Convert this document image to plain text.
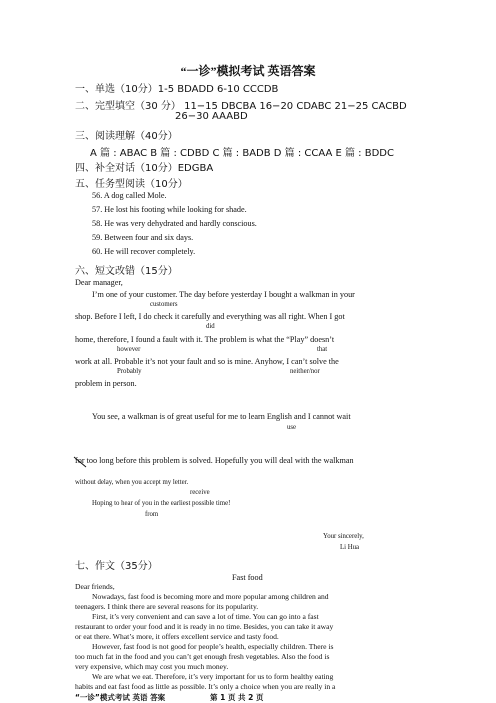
“一诊”模拟考试 英语答案
一、单选（10分）1-5 BDADD 6-10 CCCDB
二、完型填空（30 分） 11−15 DBCBA 16−20 CDABC 21−25 CACBD
26−30 AAABD
三、阅读理解（40分）
A 篇 : ABAC B 篇 : CDBD C 篇 : BADB D 篇 : CCAA E 篇 : BDDC
四、补全对话（10分）EDGBA
五、任务型阅读（10分）
56. A dog called Mole.
57. He lost his footing while looking for shade.
58. He was very dehydrated and hardly conscious.
59. Between four and six days.
60. He will recover completely.
六、短文改错（15分）
Dear manager,
I’m one of your customer. The day before yesterday I bought a walkman in your
customers
shop. Before I left, I do check it carefully and everything was all right. When I got
did
home, therefore, I found a fault with it. The problem is what the “Play” doesn’t
however	that
work at all. Probable it’s not your fault and so is mine. Anyhow, I can’t solve the
Probably	neither/nor
problem in person.
You see, a walkman is of great useful for me to learn English and I cannot wait
use
for too long before this problem is solved. Hopefully you will deal with the walkman
without delay, when you accept my letter.
receive
Hoping to hear of you in the earliest possible time!
from
Your sincerely,
Li Hua
七、作文（35分）
Fast food
Dear friends,
Nowadays, fast food is becoming more and more popular among children and
teenagers. I think there are several reasons for its popularity.
First, it’s very convenient and can save a lot of time. You can go into a fast
restaurant to order your food and it is ready in no time. Besides, you can take it away
or eat there. What’s more, it offers excellent service and tasty food.
However, fast food is not good for people’s health, especially children. There is
too much fat in the food and you can’t get enough fresh vegetables. Also the food is
“一诊”模式考试 英语 答案	第 1 页 共 2 页
very expensive, which may cost you much money.
We are what we eat. Therefore, it’s very important for us to form healthy eating
habits and eat fast food as little as possible. It’s only a choice when you are really in a
